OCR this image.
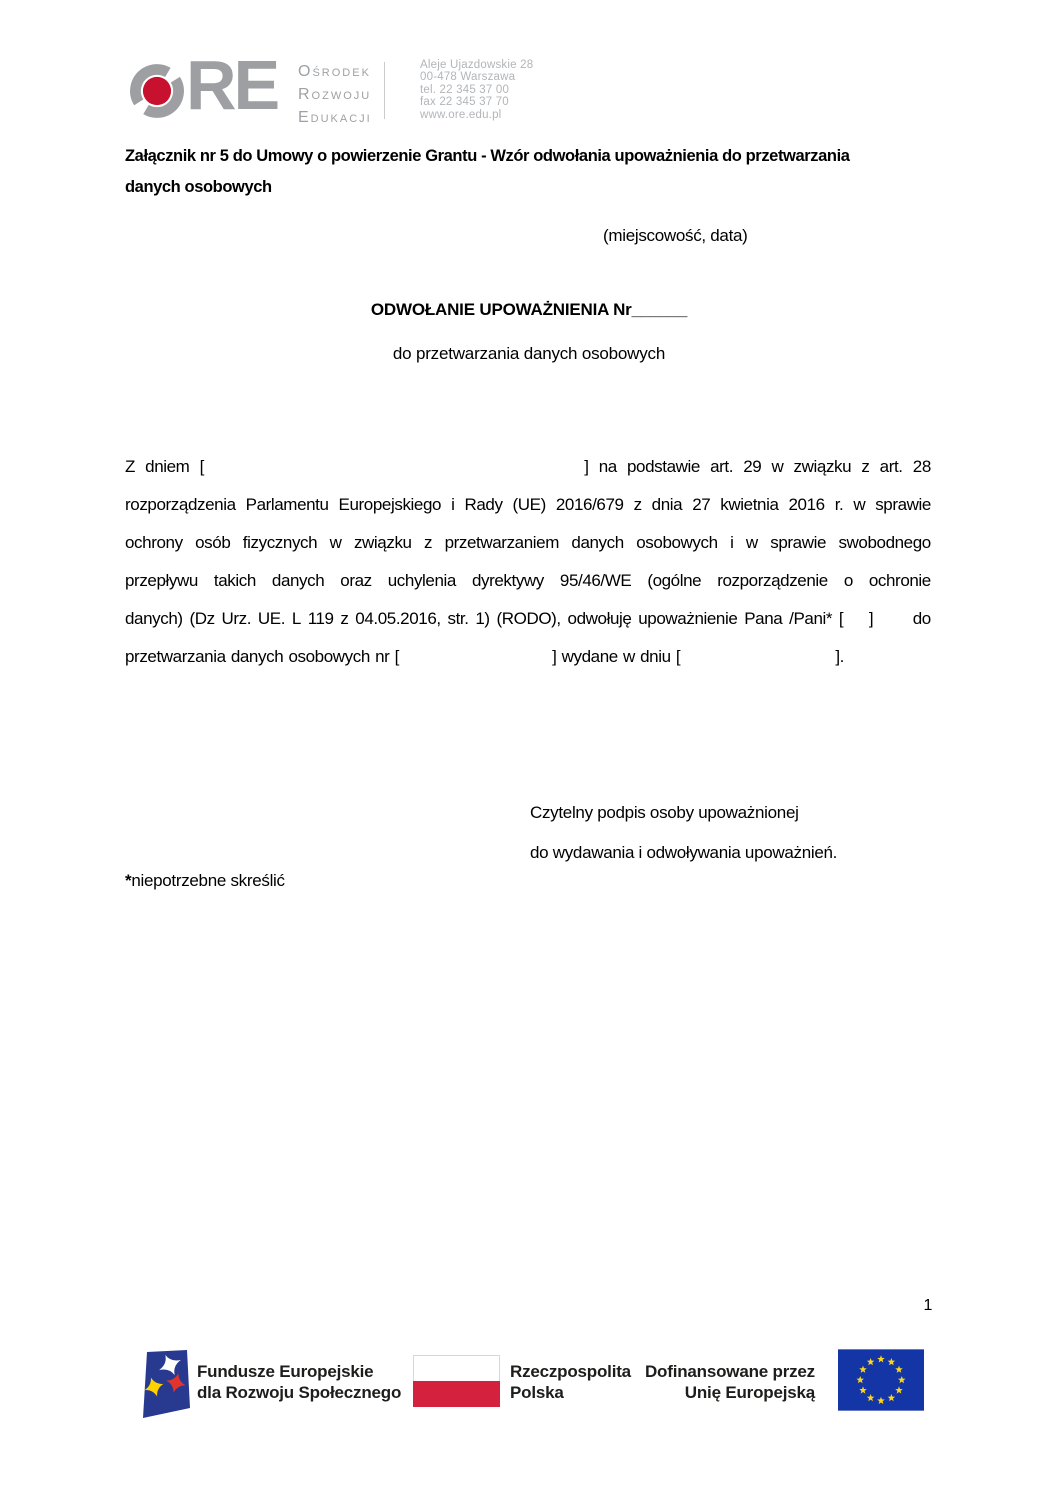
RE Ośrodek
Rozwoju
Edukacji
Aleje Ujazdowskie 28
00-478 Warszawa
tel. 22 345 37 00
fax 22 345 37 70
www.ore.edu.pl
Załącznik nr 5 do Umowy o powierzenie Grantu - Wzór odwołania upoważnienia do przetwarzania
danych osobowych
(miejscowość, data)
ODWOŁANIE UPOWAŻNIENIA Nr______
do przetwarzania danych osobowych
Z dniem [	] na podstawie art. 29 w związku z art. 28
rozporządzenia Parlamentu Europejskiego i Rady (UE) 2016/679 z dnia 27 kwietnia 2016 r. w sprawie
ochrony osób fizycznych w związku z przetwarzaniem danych osobowych i w sprawie swobodnego
przepływu takich danych oraz uchylenia dyrektywy 95/46/WE (ogólne rozporządzenie o ochronie
danych) (Dz Urz. UE. L 119 z 04.05.2016, str. 1) (RODO), odwołuję upoważnienie Pana /Pani* [ ] do
przetwarzania danych osobowych nr [	] wydane w dniu [	].
Czytelny podpis osoby upoważnionej
do wydawania i odwoływania upoważnień.
*niepotrzebne skreślić
1
Fundusze Europejskie
dla Rozwoju Społecznego
Rzeczpospolita
Polska
Dofinansowane przez
Unię Europejską
